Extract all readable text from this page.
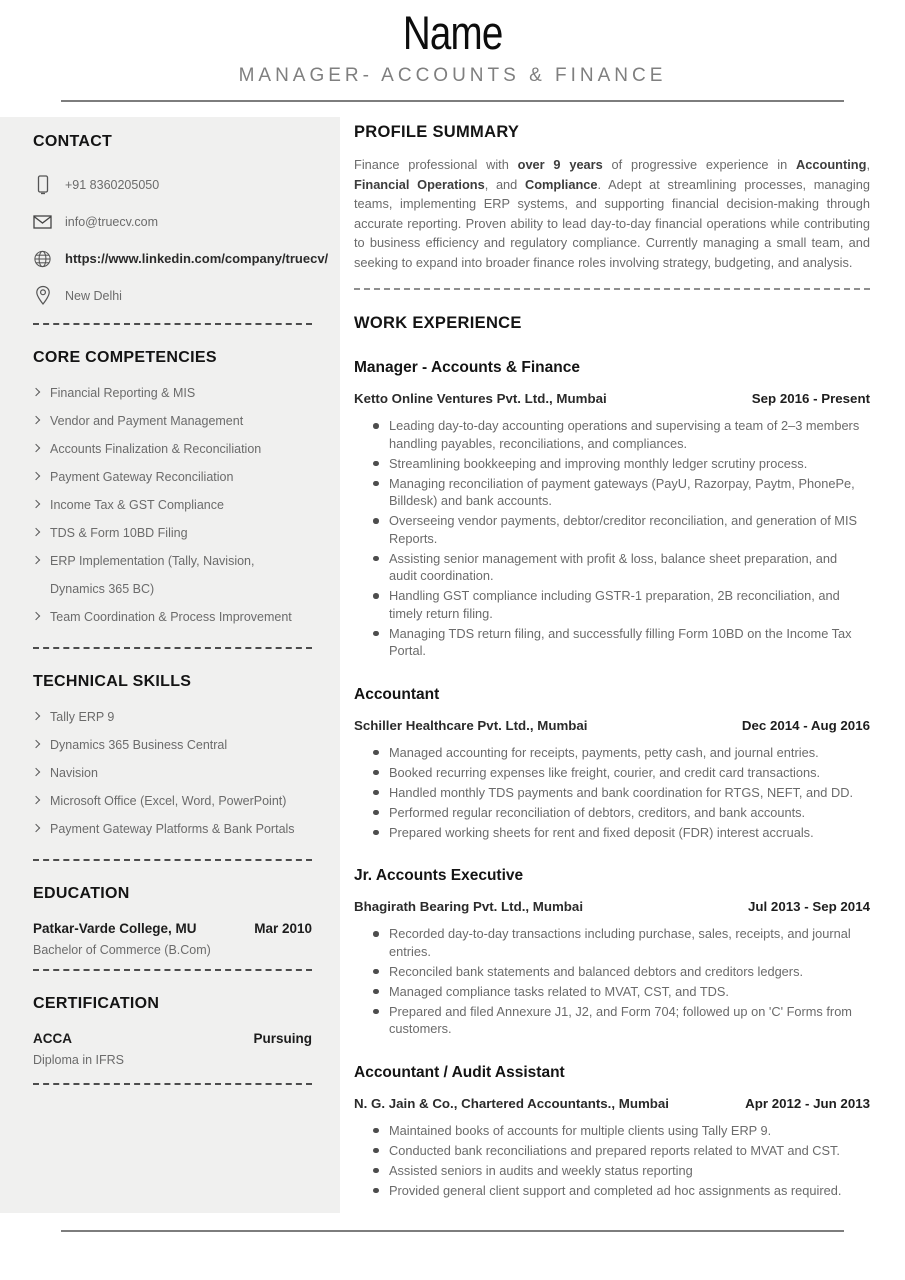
Name
MANAGER- ACCOUNTS & FINANCE
CONTACT
+91 8360205050
info@truecv.com
https://www.linkedin.com/company/truecv/
New Delhi
CORE COMPETENCIES
Financial Reporting & MIS
Vendor and Payment Management
Accounts Finalization & Reconciliation
Payment Gateway Reconciliation
Income Tax & GST Compliance
TDS & Form 10BD Filing
ERP Implementation (Tally, Navision, Dynamics 365 BC)
Team Coordination & Process Improvement
TECHNICAL SKILLS
Tally ERP 9
Dynamics 365 Business Central
Navision
Microsoft Office (Excel, Word, PowerPoint)
Payment Gateway Platforms & Bank Portals
EDUCATION
Patkar-Varde College, MU	Mar 2010
Bachelor of Commerce (B.Com)
CERTIFICATION
ACCA	Pursuing
Diploma in IFRS
PROFILE SUMMARY

Finance professional with over 9 years of progressive experience in Accounting, Financial Operations, and Compliance. Adept at streamlining processes, managing teams, implementing ERP systems, and supporting financial decision-making through accurate reporting. Proven ability to lead day-to-day financial operations while contributing to business efficiency and regulatory compliance. Currently managing a small team, and seeking to expand into broader finance roles involving strategy, budgeting, and analysis.

WORK EXPERIENCE
Manager - Accounts & Finance
Ketto Online Ventures Pvt. Ltd., Mumbai	Sep 2016 - Present
Leading day-to-day accounting operations and supervising a team of 2–3 members handling payables, reconciliations, and compliances.
Streamlining bookkeeping and improving monthly ledger scrutiny process.
Managing reconciliation of payment gateways (PayU, Razorpay, Paytm, PhonePe, Billdesk) and bank accounts.
Overseeing vendor payments, debtor/creditor reconciliation, and generation of MIS Reports.
Assisting senior management with profit & loss, balance sheet preparation, and audit coordination.
Handling GST compliance including GSTR-1 preparation, 2B reconciliation, and timely return filing.
Managing TDS return filing, and successfully filling Form 10BD on the Income Tax Portal.
Accountant
Schiller Healthcare Pvt. Ltd., Mumbai	Dec 2014 - Aug 2016
Managed accounting for receipts, payments, petty cash, and journal entries.
Booked recurring expenses like freight, courier, and credit card transactions.
Handled monthly TDS payments and bank coordination for RTGS, NEFT, and DD.
Performed regular reconciliation of debtors, creditors, and bank accounts.
Prepared working sheets for rent and fixed deposit (FDR) interest accruals.
Jr. Accounts Executive
Bhagirath Bearing Pvt. Ltd., Mumbai	Jul 2013 - Sep 2014
Recorded day-to-day transactions including purchase, sales, receipts, and journal entries.
Reconciled bank statements and balanced debtors and creditors ledgers.
Managed compliance tasks related to MVAT, CST, and TDS.
Prepared and filed Annexure J1, J2, and Form 704; followed up on 'C' Forms from customers.
Accountant / Audit Assistant
N. G. Jain & Co., Chartered Accountants., Mumbai	Apr 2012 - Jun 2013
Maintained books of accounts for multiple clients using Tally ERP 9.
Conducted bank reconciliations and prepared reports related to MVAT and CST.
Assisted seniors in audits and weekly status reporting
Provided general client support and completed ad hoc assignments as required.
